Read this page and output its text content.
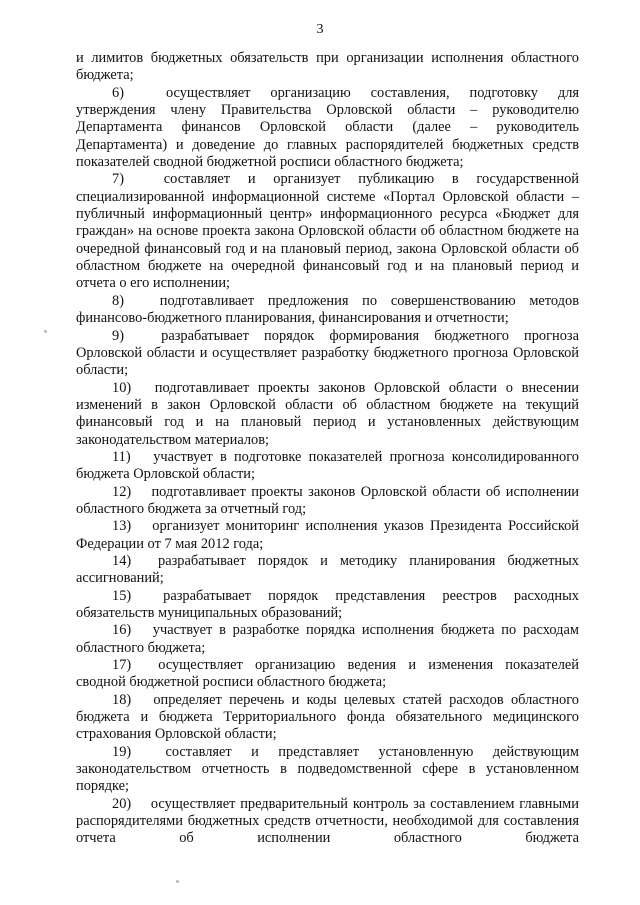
3

и лимитов бюджетных обязательств при организации исполнения областного бюджета;

6)	осуществляет организацию составления, подготовку для утверждения члену Правительства Орловской области – руководителю Департамента финансов Орловской области (далее – руководитель Департамента) и доведение до главных распорядителей бюджетных средств показателей сводной бюджетной росписи областного бюджета;

7)	составляет и организует публикацию в государственной специализированной информационной системе «Портал Орловской области – публичный информационный центр» информационного ресурса «Бюджет для граждан» на основе проекта закона Орловской области об областном бюджете на очередной финансовый год и на плановый период, закона Орловской области об областном бюджете на очередной финансовый год и на плановый период и отчета о его исполнении;

8) подготавливает предложения по совершенствованию методов финансово-бюджетного планирования, финансирования и отчетности;

9)	разрабатывает порядок формирования бюджетного прогноза Орловской области и осуществляет разработку бюджетного прогноза Орловской области;

10) подготавливает проекты законов Орловской области о внесении изменений в закон Орловской области об областном бюджете на текущий финансовый год и на плановый период и установленных действующим законодательством материалов;

11) участвует в подготовке показателей прогноза консолидированного бюджета Орловской области;

12) подготавливает проекты законов Орловской области об исполнении областного бюджета за отчетный год;

13) организует мониторинг исполнения указов Президента Российской Федерации от 7 мая 2012 года;

14) разрабатывает порядок и методику планирования бюджетных ассигнований;

15) разрабатывает порядок представления реестров расходных обязательств муниципальных образований;

16) участвует в разработке порядка исполнения бюджета по расходам областного бюджета;

17) осуществляет организацию ведения и изменения показателей сводной бюджетной росписи областного бюджета;

18) определяет перечень и коды целевых статей расходов областного бюджета и бюджета Территориального фонда обязательного медицинского страхования Орловской области;

19) составляет и представляет установленную действующим законодательством отчетность в подведомственной сфере в установленном порядке;

20) осуществляет предварительный контроль за составлением главными распорядителями бюджетных средств отчетности, необходимой для составления отчета об исполнении областного бюджета
